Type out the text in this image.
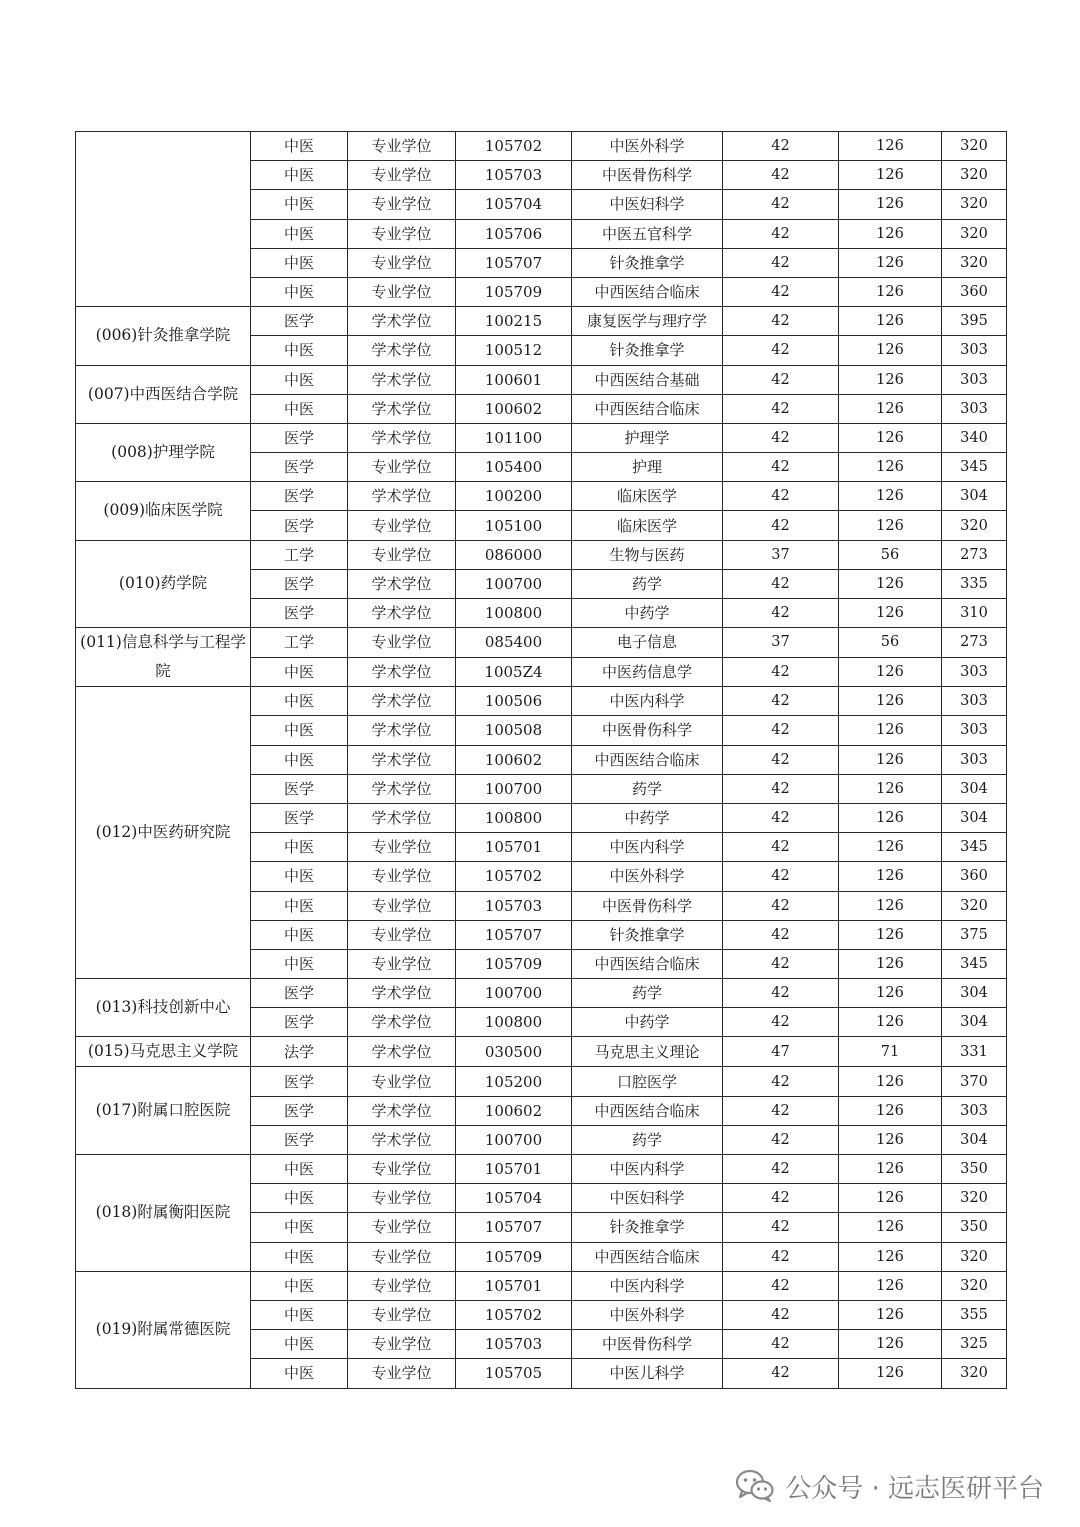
	中医	专业学位	105702	中医外科学	42	126	320
	中医	专业学位	105703	中医骨伤科学	42	126	320
	中医	专业学位	105704	中医妇科学	42	126	320
	中医	专业学位	105706	中医五官科学	42	126	320
	中医	专业学位	105707	针灸推拿学	42	126	320
	中医	专业学位	105709	中西医结合临床	42	126	360
(006)针灸推拿学院	医学	学术学位	100215	康复医学与理疗学	42	126	395
	中医	学术学位	100512	针灸推拿学	42	126	303
(007)中西医结合学院	中医	学术学位	100601	中西医结合基础	42	126	303
	中医	学术学位	100602	中西医结合临床	42	126	303
(008)护理学院	医学	学术学位	101100	护理学	42	126	340
	医学	专业学位	105400	护理	42	126	345
(009)临床医学院	医学	学术学位	100200	临床医学	42	126	304
	医学	专业学位	105100	临床医学	42	126	320
(010)药学院	工学	专业学位	086000	生物与医药	37	56	273
	医学	学术学位	100700	药学	42	126	335
	医学	学术学位	100800	中药学	42	126	310
(011)信息科学与工程学院	工学	专业学位	085400	电子信息	37	56	273
	中医	学术学位	1005Z4	中医药信息学	42	126	303
(012)中医药研究院	中医	学术学位	100506	中医内科学	42	126	303
	中医	学术学位	100508	中医骨伤科学	42	126	303
	中医	学术学位	100602	中西医结合临床	42	126	303
	医学	学术学位	100700	药学	42	126	304
	医学	学术学位	100800	中药学	42	126	304
	中医	专业学位	105701	中医内科学	42	126	345
	中医	专业学位	105702	中医外科学	42	126	360
	中医	专业学位	105703	中医骨伤科学	42	126	320
	中医	专业学位	105707	针灸推拿学	42	126	375
	中医	专业学位	105709	中西医结合临床	42	126	345
(013)科技创新中心	医学	学术学位	100700	药学	42	126	304
	医学	学术学位	100800	中药学	42	126	304
(015)马克思主义学院	法学	学术学位	030500	马克思主义理论	47	71	331
(017)附属口腔医院	医学	专业学位	105200	口腔医学	42	126	370
	医学	学术学位	100602	中西医结合临床	42	126	303
	医学	学术学位	100700	药学	42	126	304
(018)附属衡阳医院	中医	专业学位	105701	中医内科学	42	126	350
	中医	专业学位	105704	中医妇科学	42	126	320
	中医	专业学位	105707	针灸推拿学	42	126	350
	中医	专业学位	105709	中西医结合临床	42	126	320
(019)附属常德医院	中医	专业学位	105701	中医内科学	42	126	320
	中医	专业学位	105702	中医外科学	42	126	355
	中医	专业学位	105703	中医骨伤科学	42	126	325
	中医	专业学位	105705	中医儿科学	42	126	320
公众号 · 远志医研平台
